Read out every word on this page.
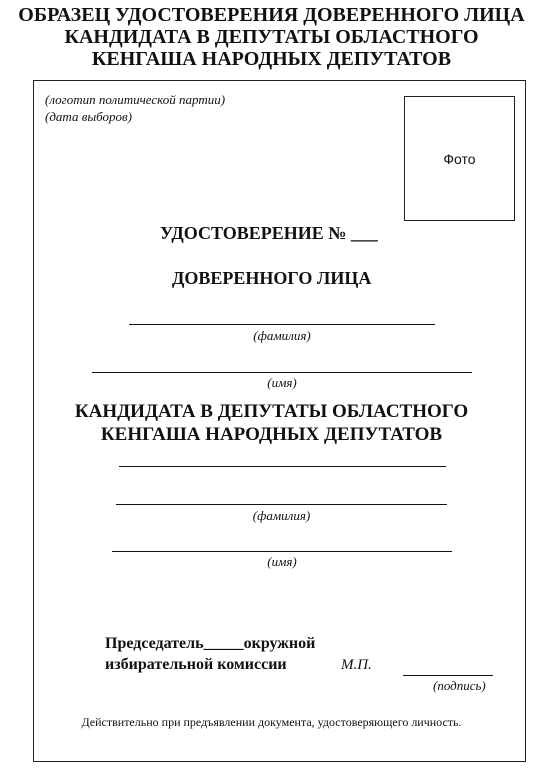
ОБРАЗЕЦ УДОСТОВЕРЕНИЯ ДОВЕРЕННОГО ЛИЦА
КАНДИДАТА В ДЕПУТАТЫ ОБЛАСТНОГО
КЕНГАША НАРОДНЫХ ДЕПУТАТОВ
(логотип политической партии)
(дата выборов)
Фото
УДОСТОВЕРЕНИЕ № ___
ДОВЕРЕННОГО ЛИЦА
(фамилия)
(имя)
КАНДИДАТА В ДЕПУТАТЫ ОБЛАСТНОГО
КЕНГАША НАРОДНЫХ ДЕПУТАТОВ
(фамилия)
(имя)
Председатель_____окружной
избирательной комиссии	М.П.
(подпись)
Действительно при предъявлении документа, удостоверяющего личность.
